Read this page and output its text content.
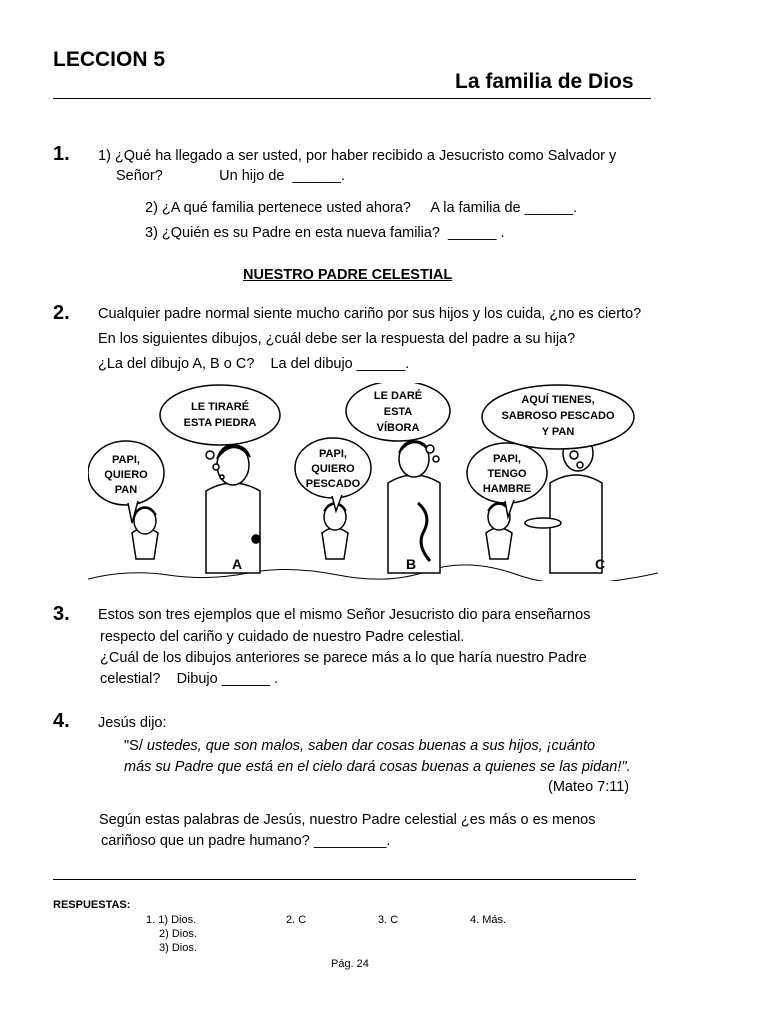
LECCION 5
La familia de Dios
1. 1) ¿Qué ha llegado a ser usted, por haber recibido a Jesucristo como Salvador y
Señor?              Un hijo de  ______.
2) ¿A qué familia pertenece usted ahora?     A la familia de ______.
3) ¿Quién es su Padre en esta nueva familia?  ______ .
NUESTRO PADRE CELESTIAL
2. Cualquier padre normal siente mucho cariño por sus hijos y los cuida, ¿no es cierto?
En los siguientes dibujos, ¿cuál debe ser la respuesta del padre a su hija?
¿La del dibujo A, B o C?    La del dibujo ______.
PAPI,
QUIERO
PAN
LE TIRARÉ
ESTA PIEDRA
PAPI,
QUIERO
PESCADO
LE DARÉ
ESTA
VÍBORA
PAPI,
TENGO
HAMBRE
AQUÍ TIENES,
SABROSO PESCADO
Y PAN
A	B	C
3. Estos son tres ejemplos que el mismo Señor Jesucristo dio para enseñarnos
respecto del cariño y cuidado de nuestro Padre celestial.
¿Cuál de los dibujos anteriores se parece más a lo que haría nuestro Padre
celestial?    Dibujo ______ .
4. Jesús dijo:
"S/ ustedes, que son malos, saben dar cosas buenas a sus hijos, ¡cuánto
más su Padre que está en el cielo dará cosas buenas a quienes se las pidan!".
(Mateo 7:11)
Según estas palabras de Jesús, nuestro Padre celestial ¿es más o es menos
cariñoso que un padre humano? _________.
RESPUESTAS:
1. 1) Dios.
2) Dios.
3) Dios.
2. C	3. C	4. Más.
Pág. 24
